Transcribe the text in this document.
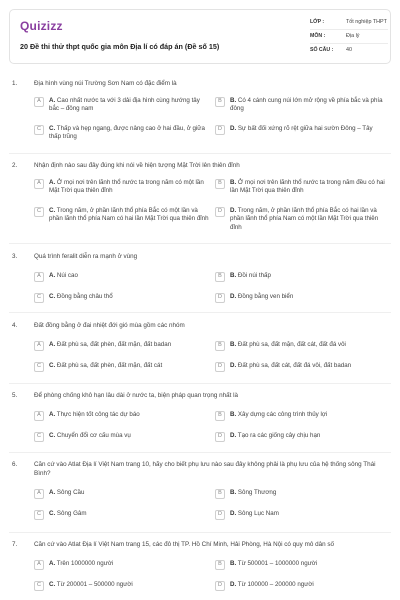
Quizizz
20 Đề thi thử thpt quốc gia môn Địa lí có đáp án (Đề số 15)
LỚP :	Tốt nghiệp THPT
MÔN :	Địa lý
SỐ CÂU :	40
1.	Địa hình vùng núi Trường Sơn Nam có đặc điểm là
A	A. Cao nhất nước ta với 3 dải địa hình cùng hướng tây bắc – đông nam
B	B. Có 4 cánh cung núi lớn mở rộng về phía bắc và phía đông
C	C. Thấp và hẹp ngang, được nâng cao ở hai đầu, ở giữa thấp trũng
D	D. Sự bất đối xứng rõ rệt giữa hai sườn Đông – Tây
2.	Nhận định nào sau đây đúng khi nói về hiện tượng Mặt Trời lên thiên đỉnh
A	A. Ở mọi nơi trên lãnh thổ nước ta trong năm có một lần Mặt Trời qua thiên đỉnh
B	B. Ở mọi nơi trên lãnh thổ nước ta trong năm đều có hai lần Mặt Trời qua thiên đỉnh
C	C. Trong năm, ở phần lãnh thổ phía Bắc có một lần và phần lãnh thổ phía Nam có hai lần Mặt Trời qua thiên đỉnh
D	D. Trong năm, ở phần lãnh thổ phía Bắc có hai lần và phần lãnh thổ phía Nam có một lần Mặt Trời qua thiên đỉnh
3.	Quá trình feralit diễn ra mạnh ở vùng
A	A. Núi cao	B	B. Đồi núi thấp
C	C. Đồng bằng châu thổ	D	D. Đồng bằng ven biển
4.	Đất đồng bằng ở đai nhiệt đới gió mùa gồm các nhóm
A	A. Đất phù sa, đất phèn, đất mặn, đất badan	B	B. Đất phù sa, đất mặn, đất cát, đất đá vôi
C	C. Đất phù sa, đất phèn, đất mặn, đất cát	D	D. Đất phù sa, đất cát, đất đá vôi, đất badan
5.	Để phòng chống khô hạn lâu dài ở nước ta, biện pháp quan trọng nhất là
A	A. Thực hiện tốt công tác dự báo	B	B. Xây dựng các công trình thủy lợi
C	C. Chuyển đổi cơ cấu mùa vụ	D	D. Tạo ra các giống cây chịu hạn
6.	Căn cứ vào Atlat Địa lí Việt Nam trang 10, hãy cho biết phụ lưu nào sau đây không phải là phụ lưu của hệ thống sông Thái Bình?
A	A. Sông Cầu	B	B. Sông Thương
C	C. Sông Gâm	D	D. Sông Lục Nam
7.	Căn cứ vào Atlat Địa lí Việt Nam trang 15, các đô thị TP. Hồ Chí Minh, Hải Phòng, Hà Nội có quy mô dân số
A	A. Trên 1000000 người	B	B. Từ 500001 – 1000000 người
C	C. Từ 200001 – 500000 người	D	D. Từ 100000 – 200000 người
